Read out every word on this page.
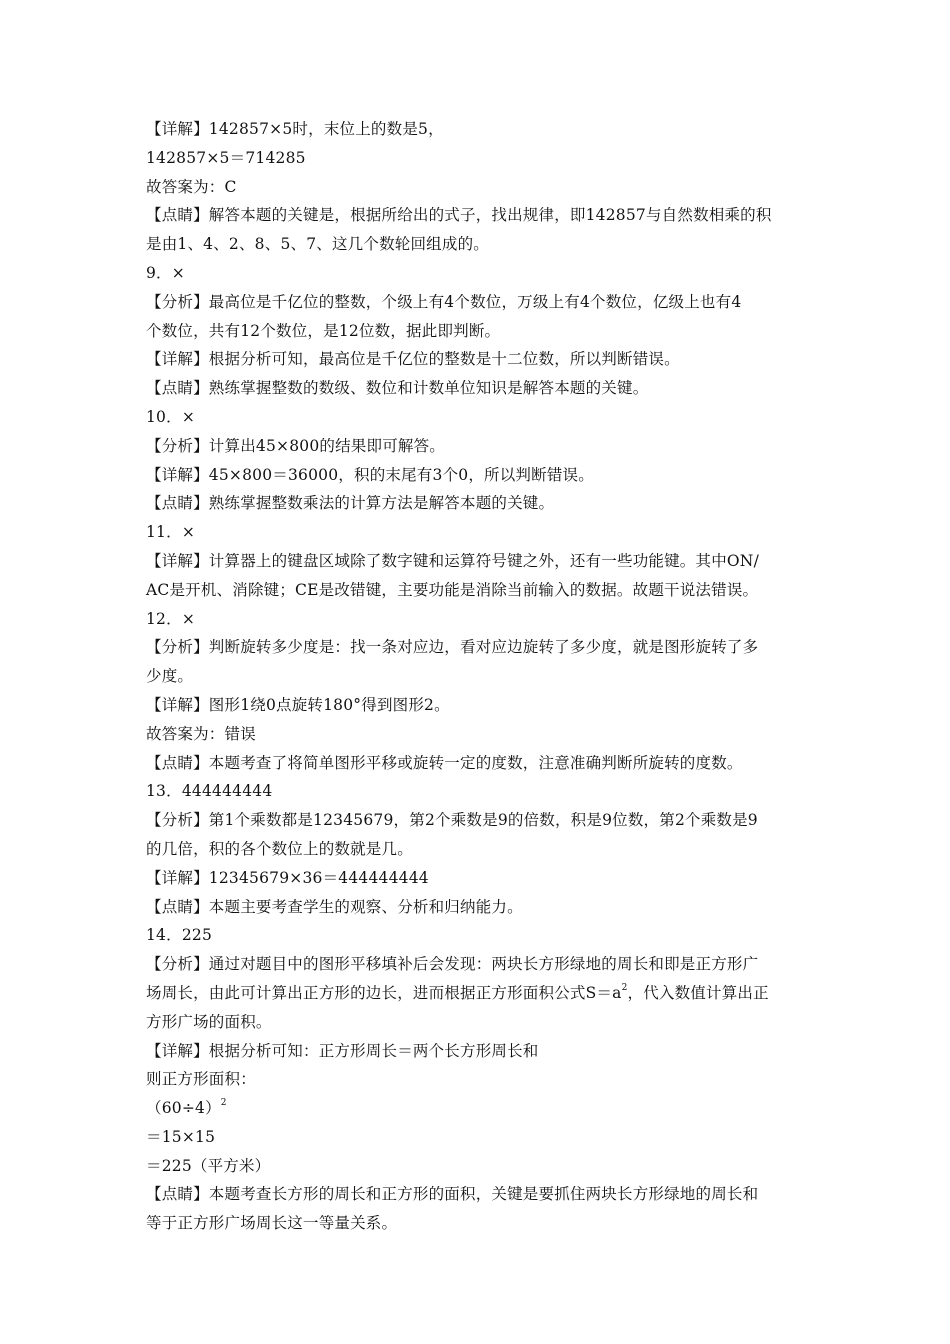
【详解】142857×5时，末位上的数是5，
142857×5＝714285
故答案为：C
【点睛】解答本题的关键是，根据所给出的式子，找出规律，即142857与自然数相乘的积
是由1、4、2、8、5、7、这几个数轮回组成的。
9．×
【分析】最高位是千亿位的整数，个级上有4个数位，万级上有4个数位，亿级上也有4
个数位，共有12个数位，是12位数，据此即判断。
【详解】根据分析可知，最高位是千亿位的整数是十二位数，所以判断错误。
【点睛】熟练掌握整数的数级、数位和计数单位知识是解答本题的关键。
10．×
【分析】计算出45×800的结果即可解答。
【详解】45×800＝36000，积的末尾有3个0，所以判断错误。
【点睛】熟练掌握整数乘法的计算方法是解答本题的关键。
11．×
【详解】计算器上的键盘区域除了数字键和运算符号键之外，还有一些功能键。其中ON/
AC是开机、消除键；CE是改错键，主要功能是消除当前输入的数据。故题干说法错误。
12．×
【分析】判断旋转多少度是：找一条对应边，看对应边旋转了多少度，就是图形旋转了多
少度。
【详解】图形1绕0点旋转180°得到图形2。
故答案为：错误
【点睛】本题考查了将简单图形平移或旋转一定的度数，注意准确判断所旋转的度数。
13．444444444
【分析】第1个乘数都是12345679，第2个乘数是9的倍数，积是9位数，第2个乘数是9
的几倍，积的各个数位上的数就是几。
【详解】12345679×36＝444444444
【点睛】本题主要考查学生的观察、分析和归纳能力。
14．225
【分析】通过对题目中的图形平移填补后会发现：两块长方形绿地的周长和即是正方形广
场周长，由此可计算出正方形的边长，进而根据正方形面积公式$S=a^2$，代入数值计算出正
方形广场的面积。
【详解】根据分析可知：正方形周长＝两个长方形周长和
则正方形面积：
$(60\div 4)^2$
＝15×15
＝225（平方米）
【点睛】本题考查长方形的周长和正方形的面积，关键是要抓住两块长方形绿地的周长和
等于正方形广场周长这一等量关系。
